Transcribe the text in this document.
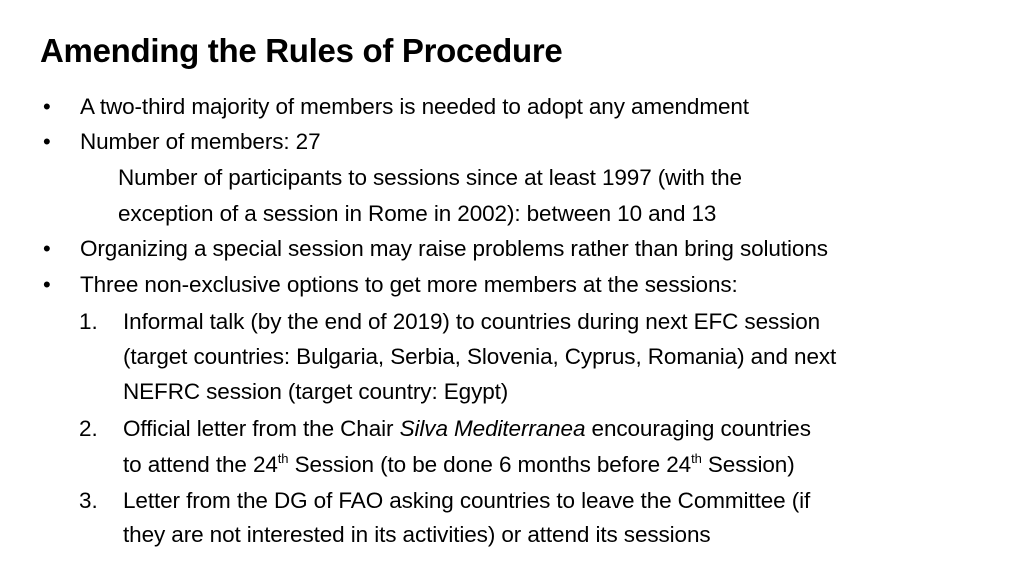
Amending the Rules of Procedure
• A two-third majority of members is needed to adopt any amendment
• Number of members: 27
Number of participants to sessions since at least 1997 (with the
exception of a session in Rome in 2002): between 10 and 13
• Organizing a special session may raise problems rather than bring solutions
• Three non-exclusive options to get more members at the sessions:
1. Informal talk (by the end of 2019) to countries during next EFC session
(target countries: Bulgaria, Serbia, Slovenia, Cyprus, Romania) and next
NEFRC session (target country: Egypt)
2. Official letter from the Chair Silva Mediterranea encouraging countries
to attend the 24th Session (to be done 6 months before 24th Session)
3. Letter from the DG of FAO asking countries to leave the Committee (if
they are not interested in its activities) or attend its sessions
